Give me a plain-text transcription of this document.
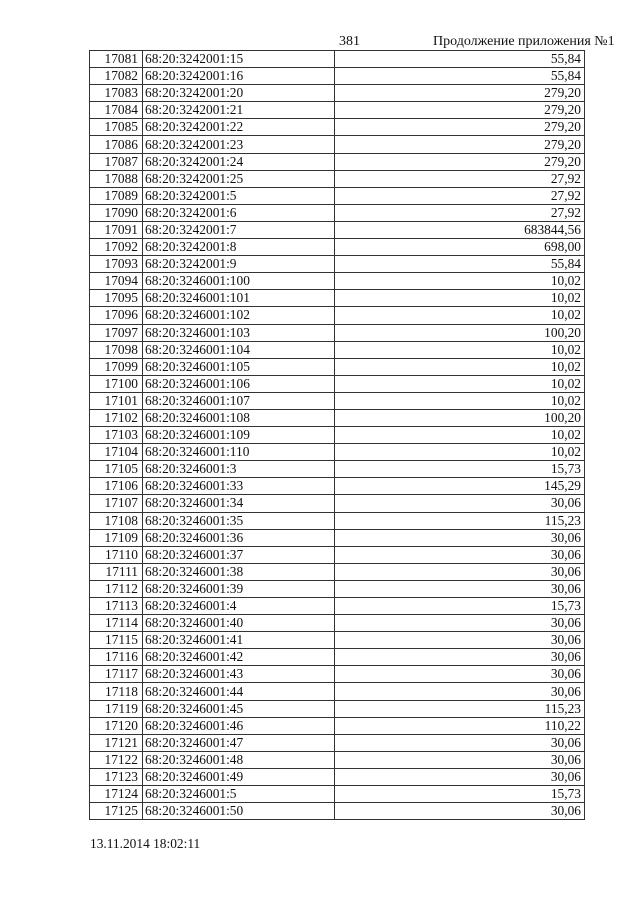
381	Продолжение приложения №1
17081	68:20:3242001:15	55,84
17082	68:20:3242001:16	55,84
17083	68:20:3242001:20	279,20
17084	68:20:3242001:21	279,20
17085	68:20:3242001:22	279,20
17086	68:20:3242001:23	279,20
17087	68:20:3242001:24	279,20
17088	68:20:3242001:25	27,92
17089	68:20:3242001:5	27,92
17090	68:20:3242001:6	27,92
17091	68:20:3242001:7	683844,56
17092	68:20:3242001:8	698,00
17093	68:20:3242001:9	55,84
17094	68:20:3246001:100	10,02
17095	68:20:3246001:101	10,02
17096	68:20:3246001:102	10,02
17097	68:20:3246001:103	100,20
17098	68:20:3246001:104	10,02
17099	68:20:3246001:105	10,02
17100	68:20:3246001:106	10,02
17101	68:20:3246001:107	10,02
17102	68:20:3246001:108	100,20
17103	68:20:3246001:109	10,02
17104	68:20:3246001:110	10,02
17105	68:20:3246001:3	15,73
17106	68:20:3246001:33	145,29
17107	68:20:3246001:34	30,06
17108	68:20:3246001:35	115,23
17109	68:20:3246001:36	30,06
17110	68:20:3246001:37	30,06
17111	68:20:3246001:38	30,06
17112	68:20:3246001:39	30,06
17113	68:20:3246001:4	15,73
17114	68:20:3246001:40	30,06
17115	68:20:3246001:41	30,06
17116	68:20:3246001:42	30,06
17117	68:20:3246001:43	30,06
17118	68:20:3246001:44	30,06
17119	68:20:3246001:45	115,23
17120	68:20:3246001:46	110,22
17121	68:20:3246001:47	30,06
17122	68:20:3246001:48	30,06
17123	68:20:3246001:49	30,06
17124	68:20:3246001:5	15,73
17125	68:20:3246001:50	30,06
13.11.2014 18:02:11
